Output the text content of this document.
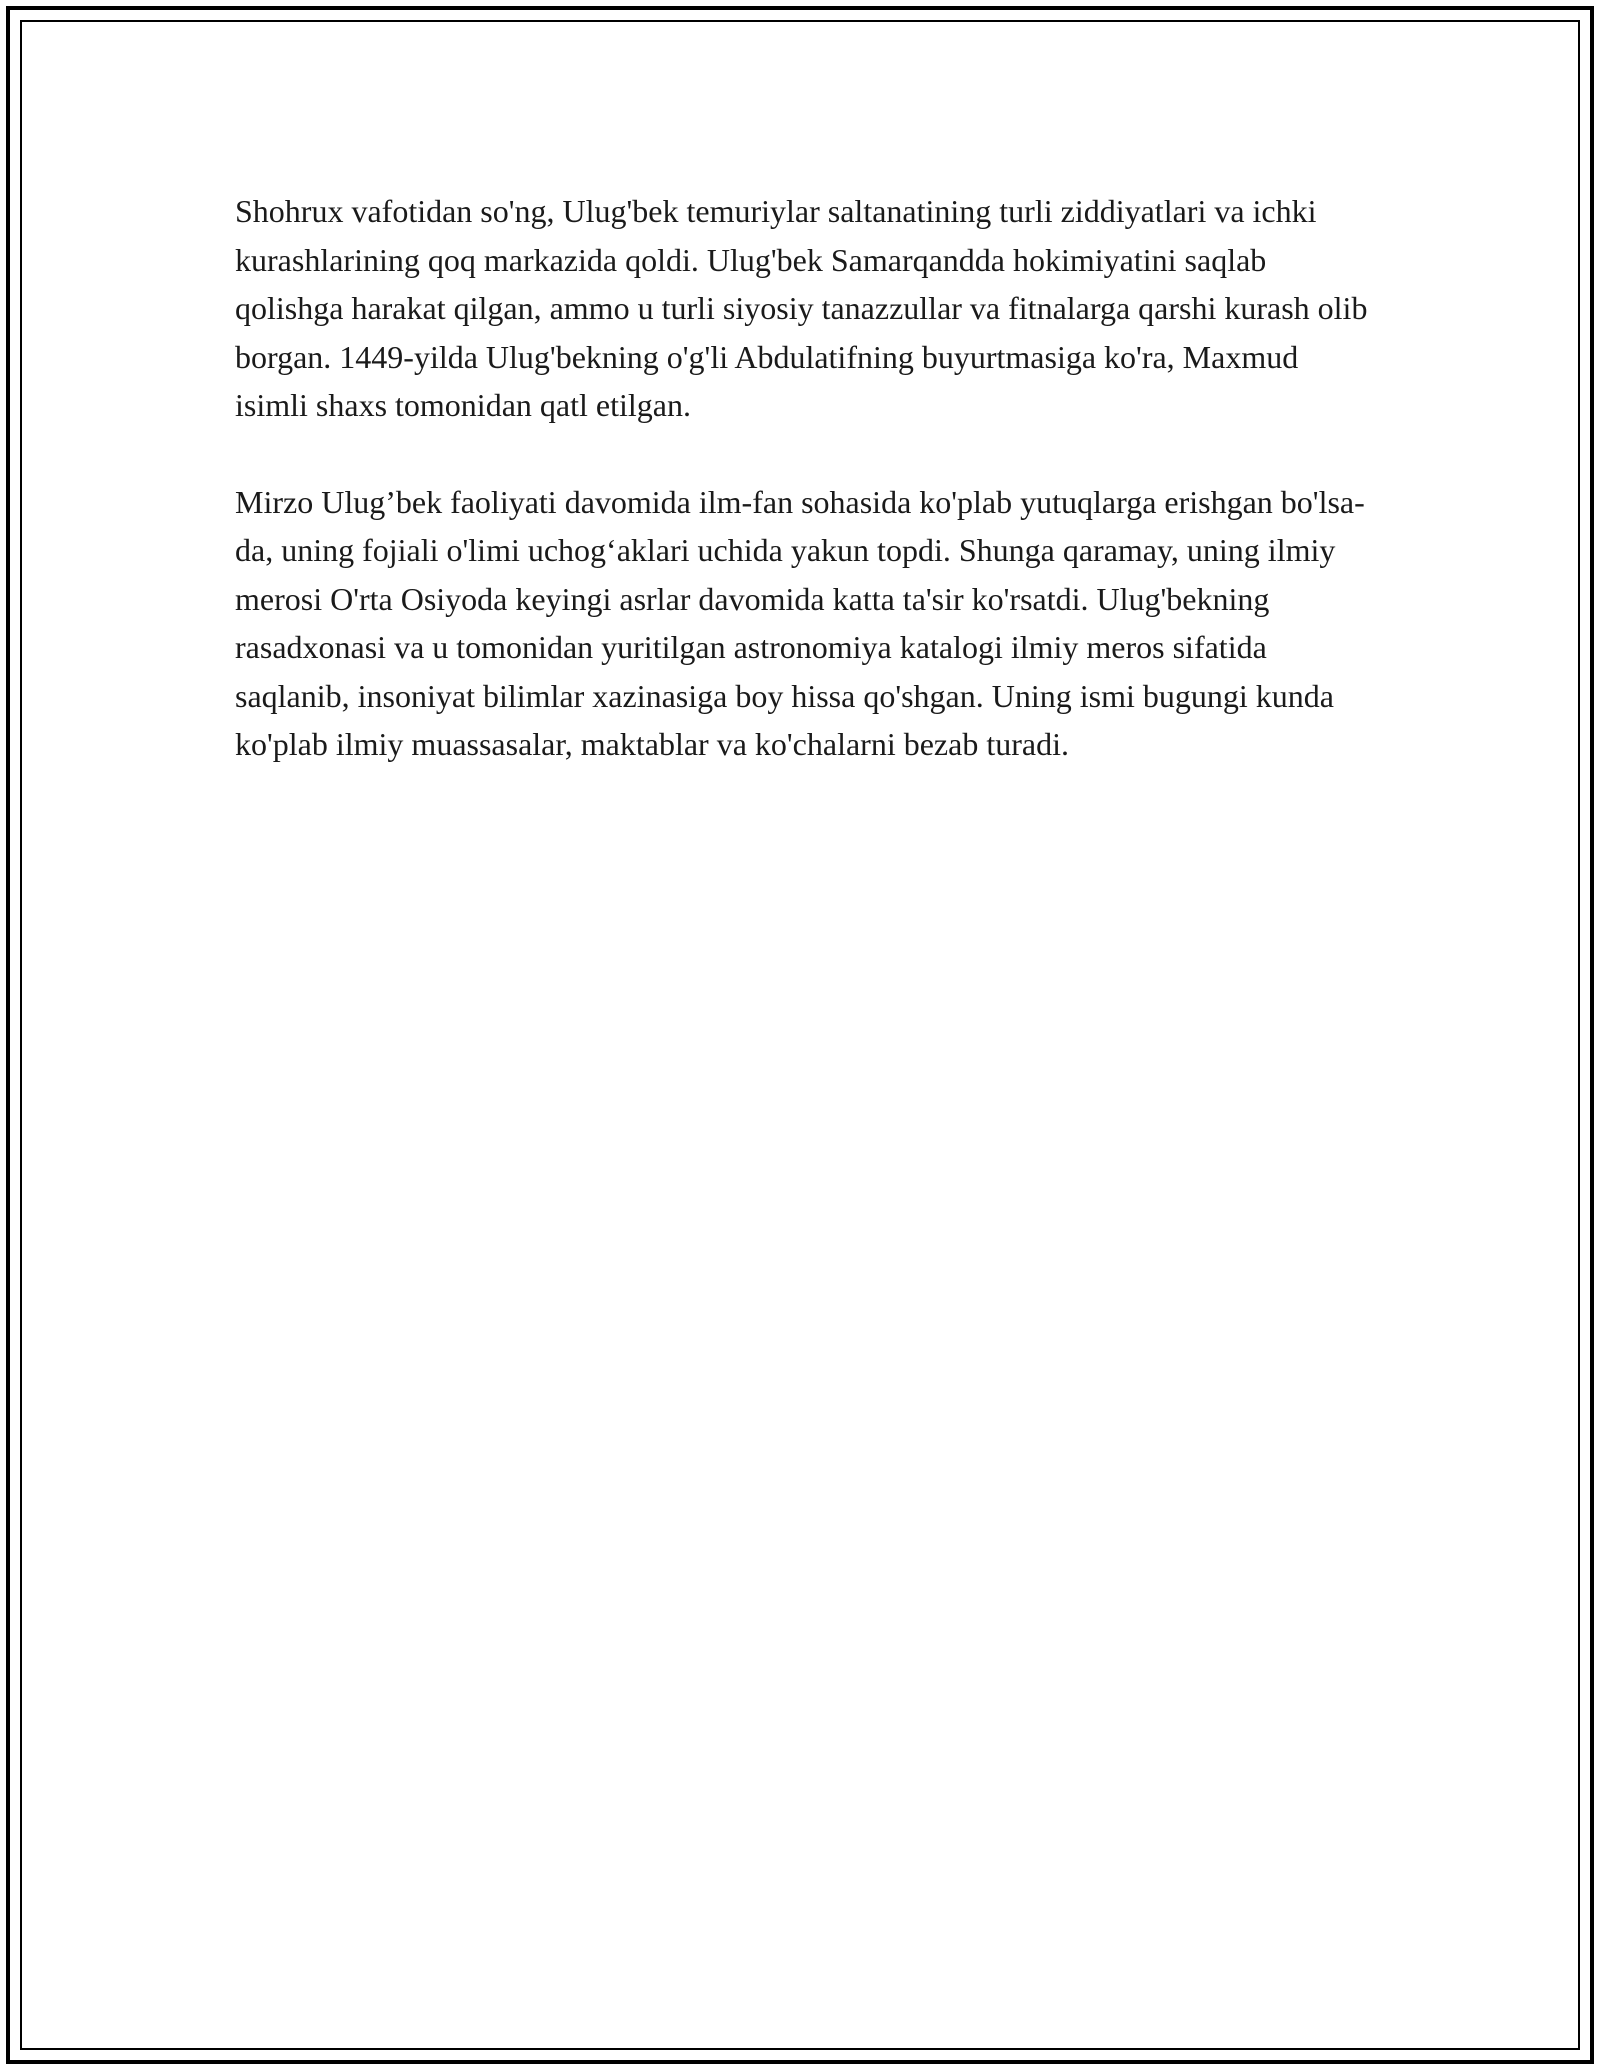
Shohrux vafotidan so'ng, Ulug'bek temuriylar saltanatining turli ziddiyatlari va ichki kurashlarining qoq markazida qoldi. Ulug'bek Samarqandda hokimiyatini saqlab qolishga harakat qilgan, ammo u turli siyosiy tanazzullar va fitnalarga qarshi kurash olib borgan. 1449-yilda Ulug'bekning o'g'li Abdulatifning buyurtmasiga ko'ra, Maxmud isimli shaxs tomonidan qatl etilgan.

Mirzo Ulug’bek faoliyati davomida ilm-fan sohasida ko'plab yutuqlarga erishgan bo'lsa-da, uning fojiali o'limi uchogʻaklari uchida yakun topdi. Shunga qaramay, uning ilmiy merosi O'rta Osiyoda keyingi asrlar davomida katta ta'sir ko'rsatdi. Ulug'bekning rasadxonasi va u tomonidan yuritilgan astronomiya katalogi ilmiy meros sifatida saqlanib, insoniyat bilimlar xazinasiga boy hissa qo'shgan. Uning ismi bugungi kunda ko'plab ilmiy muassasalar, maktablar va ko'chalarni bezab turadi.
